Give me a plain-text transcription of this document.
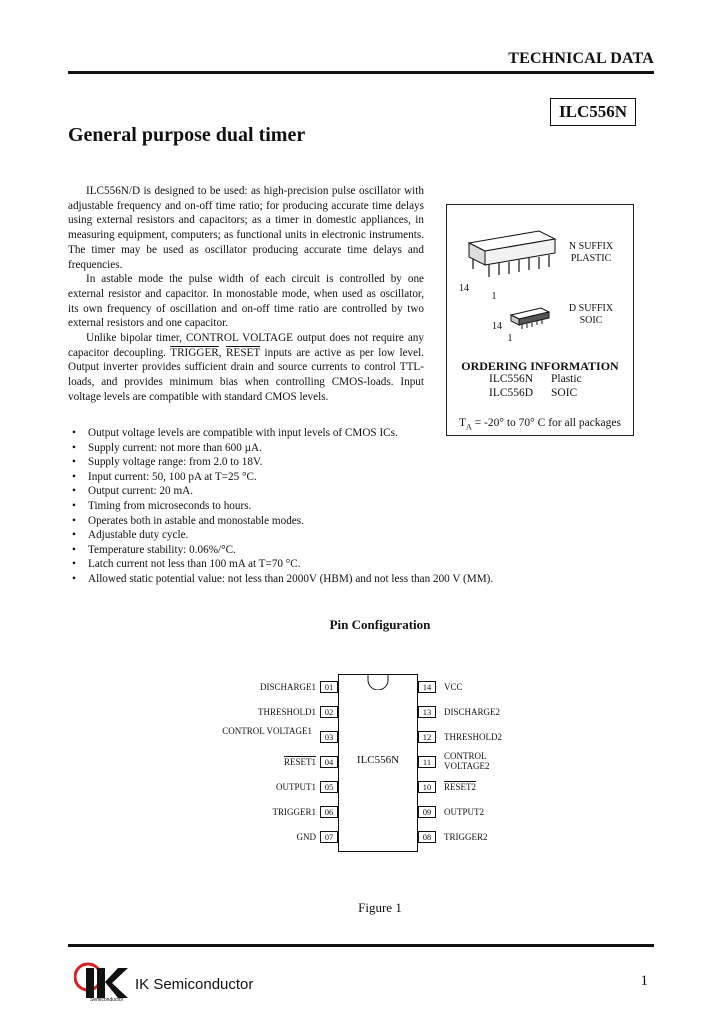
TECHNICAL DATA
ILC556N
General purpose dual timer

ILC556N/D is designed to be used: as high-precision pulse oscillator with adjustable frequency and on-off time ratio; for producing accurate time delays using external resistors and capacitors; as a timer in domestic appliances, in measuring equipment, computers; as functional units in electronic instruments. The timer may be used as oscillator producing accurate time delays and frequencies.

In astable mode the pulse width of each circuit is controlled by one external resistor and capacitor. In monostable mode, when used as oscillator, its own frequency of oscillation and on-off time ratio are controlled by two external resistors and one capacitor.

Unlike bipolar timer, CONTROL VOLTAGE output does not require any capacitor decoupling. TRIGGER, RESET inputs are active as per low level. Output inverter provides sufficient drain and source currents to control TTL-loads, and provides minimum bias when controlling CMOS-loads. Input voltage levels are compatible with standard CMOS levels.

N SUFFIX
PLASTIC
14
1
D SUFFIX
SOIC
14
1
ORDERING INFORMATION
ILC556N Plastic
ILC556D SOIC
$T_A = -20^\circ$ to 70° C for all packages
• Output voltage levels are compatible with input levels of CMOS ICs.
• Supply current: not more than 600 µA.
• Supply voltage range: from 2.0 to 18V.
• Input current: 50, 100 pA at T=25 °C.
• Output current: 20 mA.
• Timing from microseconds to hours.
• Operates both in astable and monostable modes.
• Adjustable duty cycle.
• Temperature stability: 0.06%/°C.
• Latch current not less than 100 mA at T=70 °C.
• Allowed static potential value: not less than 2000V (HBM) and not less than 200 V (MM).
Pin Configuration
ILC556N
01
DISCHARGE1
02
THRESHOLD1
03
CONTROL VOLTAGE1
04
RESET1
05
OUTPUT1
06
TRIGGER1
07
GND
14	VCC
13	DISCHARGE2
12	THRESHOLD2
11
CONTROL VOLTAGE2
10	RESET2
09	OUTPUT2
08	TRIGGER2
Figure 1
Semiconductor
IK Semiconductor	1
